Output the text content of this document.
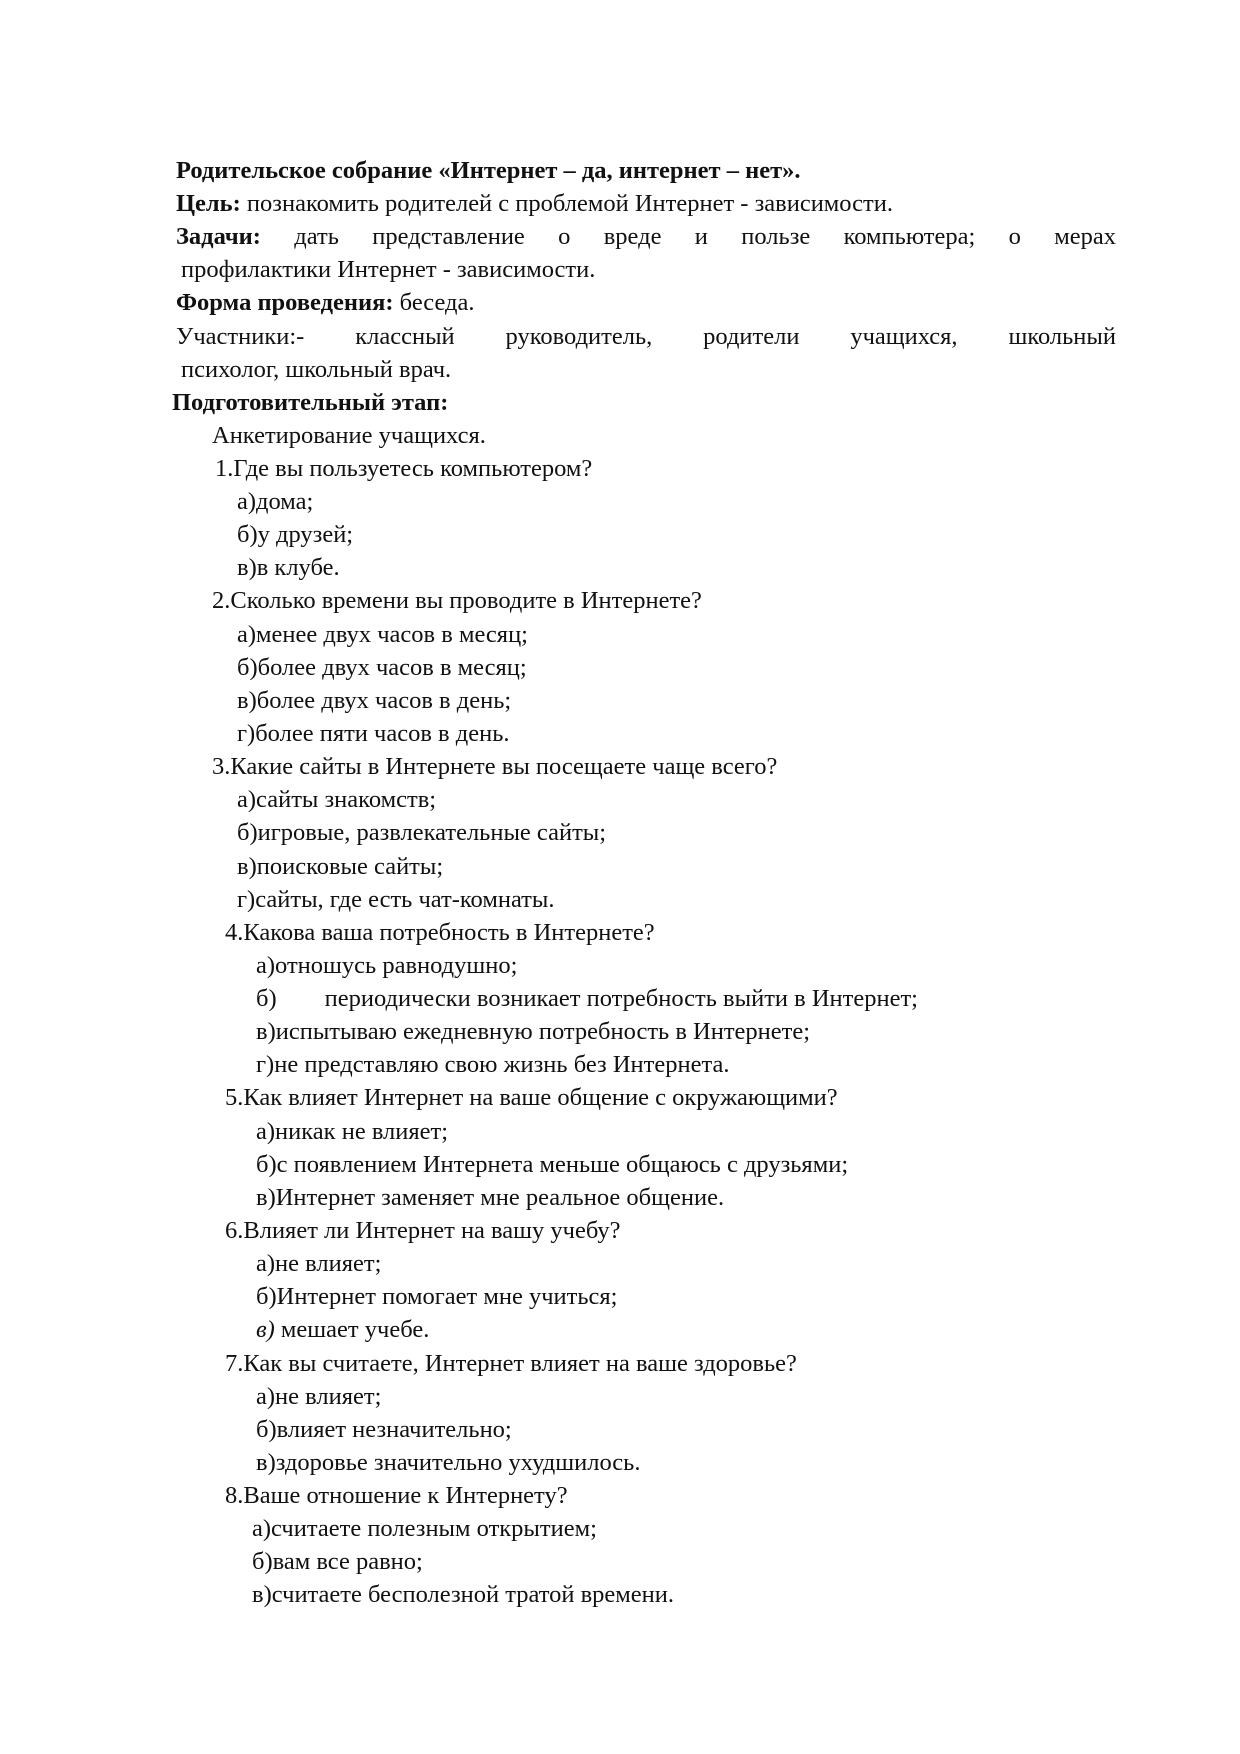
Родительское собрание «Интернет – да, интернет – нет».
Цель: познакомить родителей с проблемой Интернет - зависимости.
Задачи: дать представление о вреде и пользе компьютера; о мерах
профилактики Интернет - зависимости.
Форма проведения: беседа.
Участники:- классный руководитель, родители учащихся, школьный
психолог, школьный врач.
Подготовительный этап:
Анкетирование учащихся.
1.Где вы пользуетесь компьютером?
а)дома;
б)у друзей;
в)в клубе.
2.Сколько времени вы проводите в Интернете?
а)менее двух часов в месяц;
б)более двух часов в месяц;
в)более двух часов в день;
г)более пяти часов в день.
3.Какие сайты в Интернете вы посещаете чаще всего?
а)сайты знакомств;
б)игровые, развлекательные сайты;
в)поисковые сайты;
г)сайты, где есть чат-комнаты.
4.Какова ваша потребность в Интернете?
а)отношусь равнодушно;
б) периодически возникает потребность выйти в Интернет;
в)испытываю ежедневную потребность в Интернете;
г)не представляю свою жизнь без Интернета.
5.Как влияет Интернет на ваше общение с окружающими?
а)никак не влияет;
б)с появлением Интернета меньше общаюсь с друзьями;
в)Интернет заменяет мне реальное общение.
6.Влияет ли Интернет на вашу учебу?
а)не влияет;
б)Интернет помогает мне учиться;
в) мешает учебе.
7.Как вы считаете, Интернет влияет на ваше здоровье?
а)не влияет;
б)влияет незначительно;
в)здоровье значительно ухудшилось.
8.Ваше отношение к Интернету?
а)считаете полезным открытием;
б)вам все равно;
в)считаете бесполезной тратой времени.
